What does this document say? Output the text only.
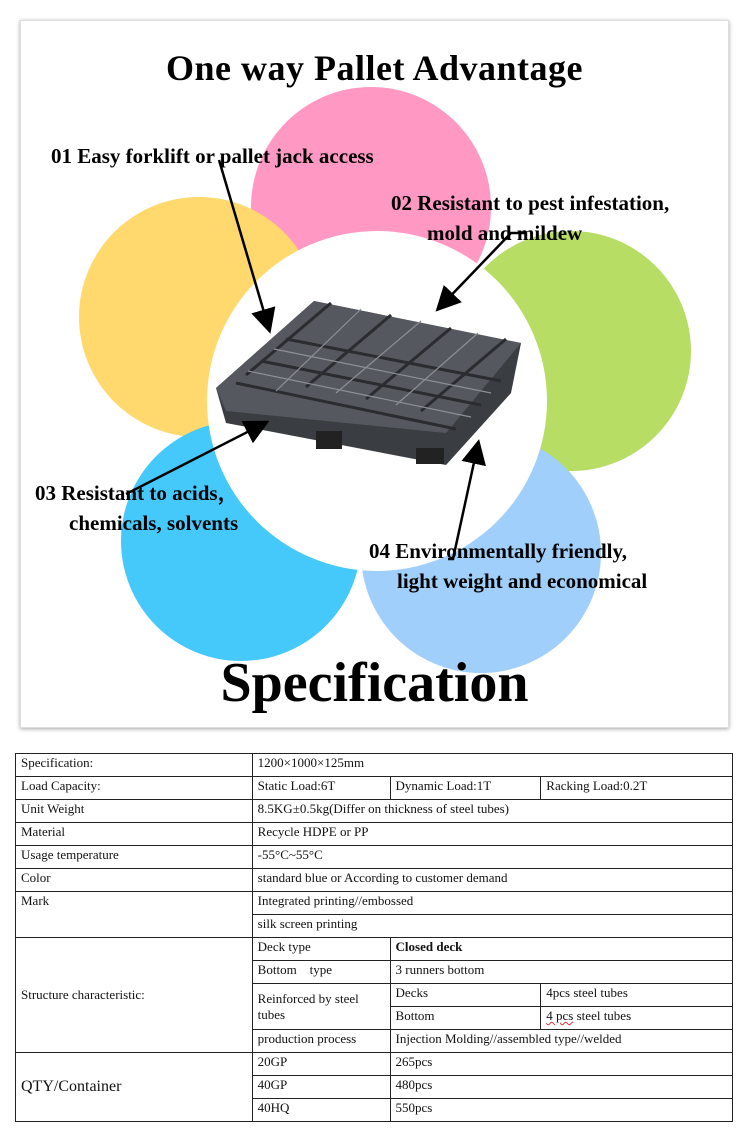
One way Pallet Advantage
01 Easy forklift or pallet jack access
02 Resistant to pest infestation,
mold and mildew
03 Resistant to acids，
chemicals, solvents
04 Environmentally friendly,
light weight and economical
Specification
Specification:	1200×1000×125mm		
Load Capacity:	Static Load:6T	Dynamic Load:1T	Racking Load:0.2T
Unit Weight	8.5KG±0.5kg(Differ on thickness of steel tubes)		
Material	Recycle HDPE or PP		
Usage temperature	-55°C~55°C		
Color	standard blue or According to customer demand		
Mark	Integrated printing//embossed		
	silk screen printing		
Structure characteristic:	Deck type	Closed deck	
	Bottom    type	3 runners bottom	
	Reinforced by steel tubes	Decks	4pcs steel tubes
		Bottom	4 pcs steel tubes
	production process	Injection Molding//assembled type//welded	
QTY/Container	20GP	265pcs	
	40GP	480pcs	
	40HQ	550pcs	
